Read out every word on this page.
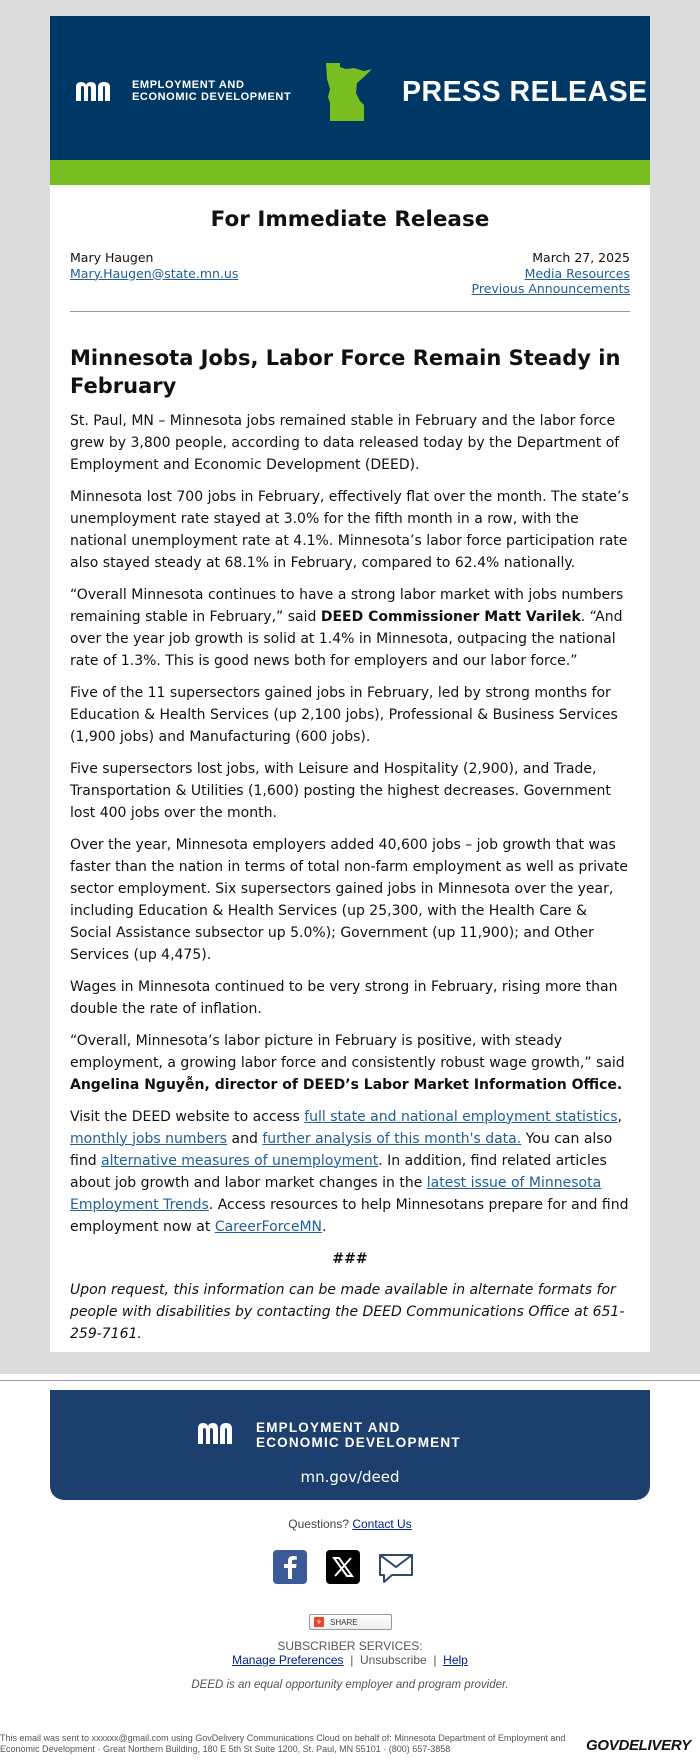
EMPLOYMENT AND
ECONOMIC DEVELOPMENT	PRESS RELEASE
For Immediate Release
Mary Haugen
Mary.Haugen@state.mn.us
March 27, 2025
Media Resources
Previous Announcements
Minnesota Jobs, Labor Force Remain Steady in February

St. Paul, MN – Minnesota jobs remained stable in February and the labor force grew by 3,800 people, according to data released today by the Department of Employment and Economic Development (DEED).

Minnesota lost 700 jobs in February, effectively flat over the month. The state’s unemployment rate stayed at 3.0% for the fifth month in a row, with the national unemployment rate at 4.1%. Minnesota’s labor force participation rate also stayed steady at 68.1% in February, compared to 62.4% nationally.

“Overall Minnesota continues to have a strong labor market with jobs numbers remaining stable in February,” said DEED Commissioner Matt Varilek. “And over the year job growth is solid at 1.4% in Minnesota, outpacing the national rate of 1.3%. This is good news both for employers and our labor force.”

Five of the 11 supersectors gained jobs in February, led by strong months for Education & Health Services (up 2,100 jobs), Professional & Business Services (1,900 jobs) and Manufacturing (600 jobs).

Five supersectors lost jobs, with Leisure and Hospitality (2,900), and Trade, Transportation & Utilities (1,600) posting the highest decreases. Government lost 400 jobs over the month.

Over the year, Minnesota employers added 40,600 jobs – job growth that was faster than the nation in terms of total non-farm employment as well as private sector employment. Six supersectors gained jobs in Minnesota over the year, including Education & Health Services (up 25,300, with the Health Care & Social Assistance subsector up 5.0%); Government (up 11,900); and Other Services (up 4,475).

Wages in Minnesota continued to be very strong in February, rising more than double the rate of inflation.

“Overall, Minnesota’s labor picture in February is positive, with steady employment, a growing labor force and consistently robust wage growth,” said Angelina Nguyễn, director of DEED’s Labor Market Information Office.

Visit the DEED website to access full state and national employment statistics, monthly jobs numbers and further analysis of this month's data. You can also find alternative measures of unemployment. In addition, find related articles about job growth and labor market changes in the latest issue of Minnesota Employment Trends. Access resources to help Minnesotans prepare for and find employment now at CareerForceMN.

###

Upon request, this information can be made available in alternate formats for people with disabilities by contacting the DEED Communications Office at 651-259-7161.

EMPLOYMENT AND
ECONOMIC DEVELOPMENT
mn.gov/deed
Questions? Contact Us
+ SHARE
SUBSCRIBER SERVICES:
Manage Preferences | Unsubscribe | Help
DEED is an equal opportunity employer and program provider.
This email was sent to xxxxxx@gmail.com using GovDelivery Communications Cloud on behalf of: Minnesota Department of Employment and Economic Development · Great Northern Building, 180 E 5th St Suite 1200, St. Paul, MN 55101 · (800) 657-3858	GOVDELIVERY
